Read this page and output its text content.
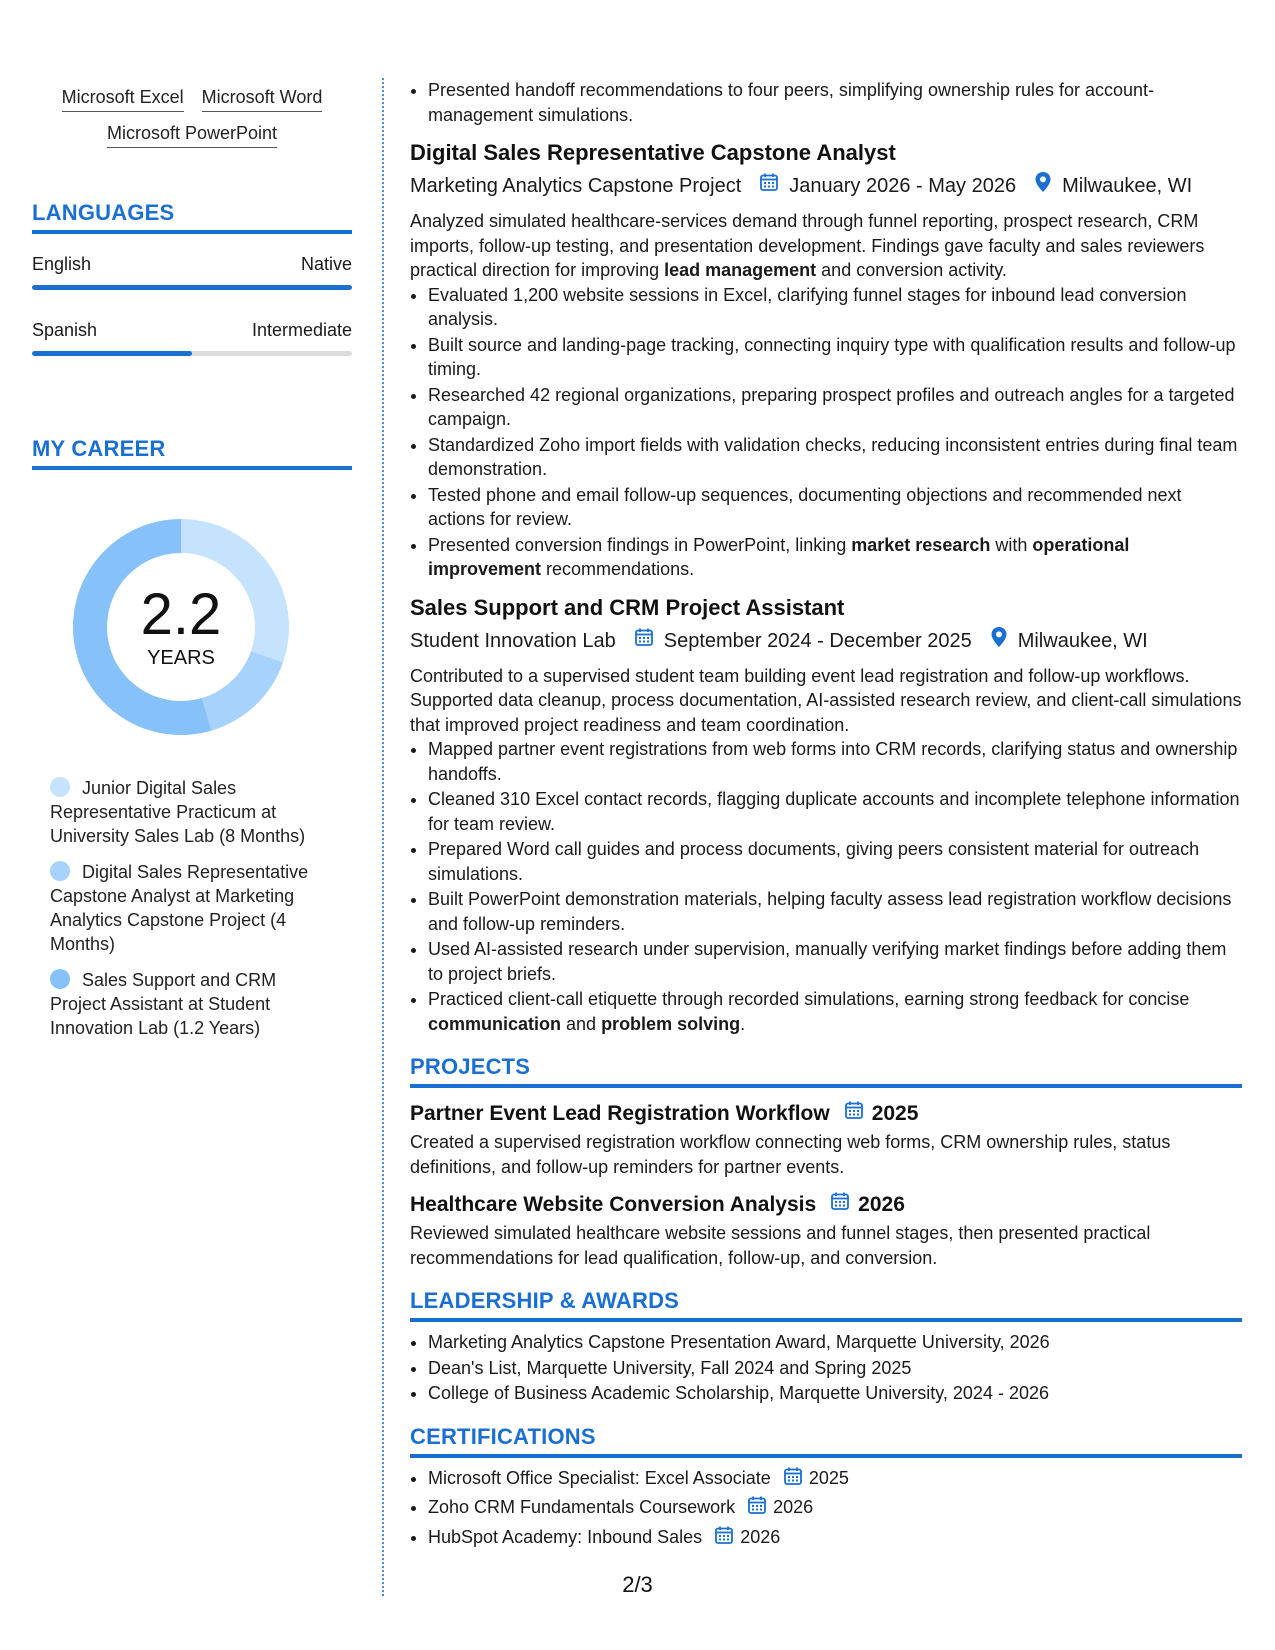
Microsoft Excel Microsoft Word
Microsoft PowerPoint
LANGUAGES
English	Native
Spanish	Intermediate
MY CAREER
2.2
YEARS
Junior Digital Sales Representative Practicum at University Sales Lab (8 Months)
Digital Sales Representative Capstone Analyst at Marketing Analytics Capstone Project (4 Months)
Sales Support and CRM Project Assistant at Student Innovation Lab (1.2 Years)
• Presented handoff recommendations to four peers, simplifying ownership rules for account-management simulations.
Digital Sales Representative Capstone Analyst
Marketing Analytics Capstone Project January 2026 - May 2026 Milwaukee, WI
Analyzed simulated healthcare-services demand through funnel reporting, prospect research, CRM imports, follow-up testing, and presentation development. Findings gave faculty and sales reviewers practical direction for improving lead management and conversion activity.
• Evaluated 1,200 website sessions in Excel, clarifying funnel stages for inbound lead conversion analysis.
• Built source and landing-page tracking, connecting inquiry type with qualification results and follow-up timing.
• Researched 42 regional organizations, preparing prospect profiles and outreach angles for a targeted campaign.
• Standardized Zoho import fields with validation checks, reducing inconsistent entries during final team demonstration.
• Tested phone and email follow-up sequences, documenting objections and recommended next actions for review.
• Presented conversion findings in PowerPoint, linking market research with operational improvement recommendations.
Sales Support and CRM Project Assistant
Student Innovation Lab September 2024 - December 2025 Milwaukee, WI
Contributed to a supervised student team building event lead registration and follow-up workflows. Supported data cleanup, process documentation, AI-assisted research review, and client-call simulations that improved project readiness and team coordination.
• Mapped partner event registrations from web forms into CRM records, clarifying status and ownership handoffs.
• Cleaned 310 Excel contact records, flagging duplicate accounts and incomplete telephone information for team review.
• Prepared Word call guides and process documents, giving peers consistent material for outreach simulations.
• Built PowerPoint demonstration materials, helping faculty assess lead registration workflow decisions and follow-up reminders.
• Used AI-assisted research under supervision, manually verifying market findings before adding them to project briefs.
• Practiced client-call etiquette through recorded simulations, earning strong feedback for concise communication and problem solving.
PROJECTS
Partner Event Lead Registration Workflow 2025
Created a supervised registration workflow connecting web forms, CRM ownership rules, status definitions, and follow-up reminders for partner events.
Healthcare Website Conversion Analysis 2026
Reviewed simulated healthcare website sessions and funnel stages, then presented practical recommendations for lead qualification, follow-up, and conversion.
LEADERSHIP & AWARDS
• Marketing Analytics Capstone Presentation Award, Marquette University, 2026
• Dean's List, Marquette University, Fall 2024 and Spring 2025
• College of Business Academic Scholarship, Marquette University, 2024 - 2026
CERTIFICATIONS
• Microsoft Office Specialist: Excel Associate 2025
• Zoho CRM Fundamentals Coursework 2026
• HubSpot Academy: Inbound Sales 2026
2/3
